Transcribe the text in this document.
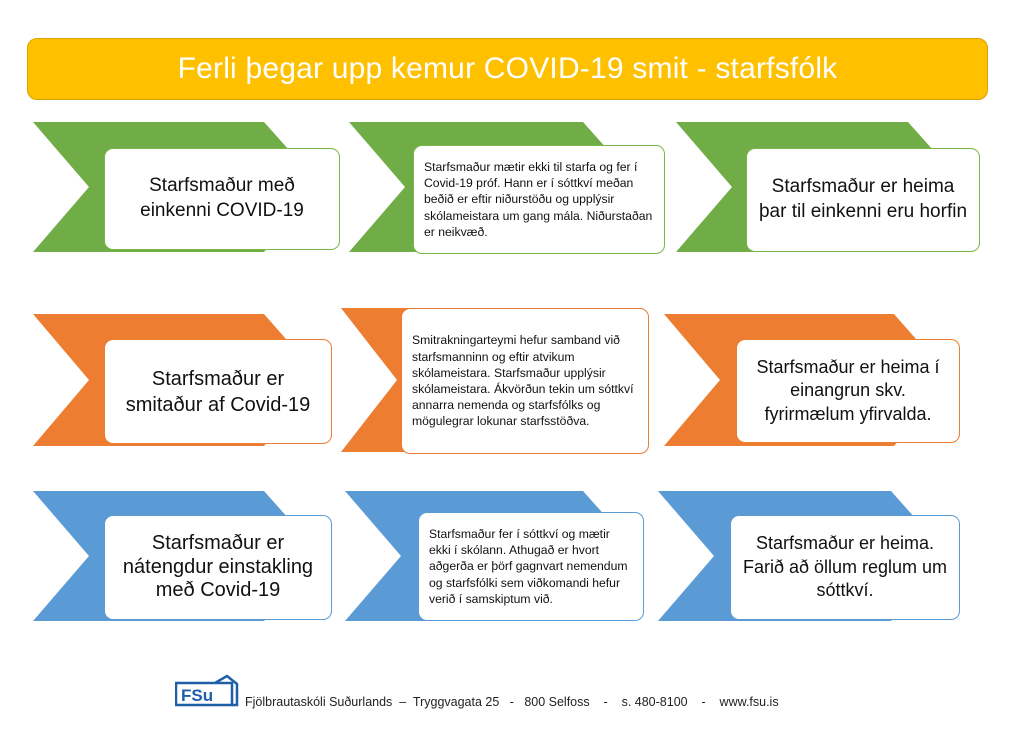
Ferli þegar upp kemur COVID-19 smit - starfsfólk
Starfsmaður með einkenni COVID-19
Starfsmaður mætir ekki til starfa og fer í Covid-19 próf. Hann er í sóttkví meðan beðið er eftir niðurstöðu og upplýsir skólameistara um gang mála. Niðurstaðan er neikvæð.
Starfsmaður er heima þar til einkenni eru horfin
Starfsmaður er smitaður af Covid-19
Smitrakningarteymi hefur samband við starfsmanninn og eftir atvikum skólameistara. Starfsmaður upplýsir skólameistara. Ákvörðun tekin um sóttkví annarra nemenda og starfsfólks og mögulegrar lokunar starfsstöðva.
Starfsmaður er heima í einangrun skv. fyrirmælum yfirvalda.
Starfsmaður er nátengdur einstakling með Covid-19
Starfsmaður fer í sóttkví og mætir ekki í skólann. Athugað er hvort aðgerða er þörf gagnvart nemendum og starfsfólki sem viðkomandi hefur verið í samskiptum við.
Starfsmaður er heima. Farið að öllum reglum um sóttkví.
FSu	Fjölbrautaskóli Suðurlands  –  Tryggvagata 25   -   800 Selfoss    -    s. 480-8100    -    www.fsu.is
